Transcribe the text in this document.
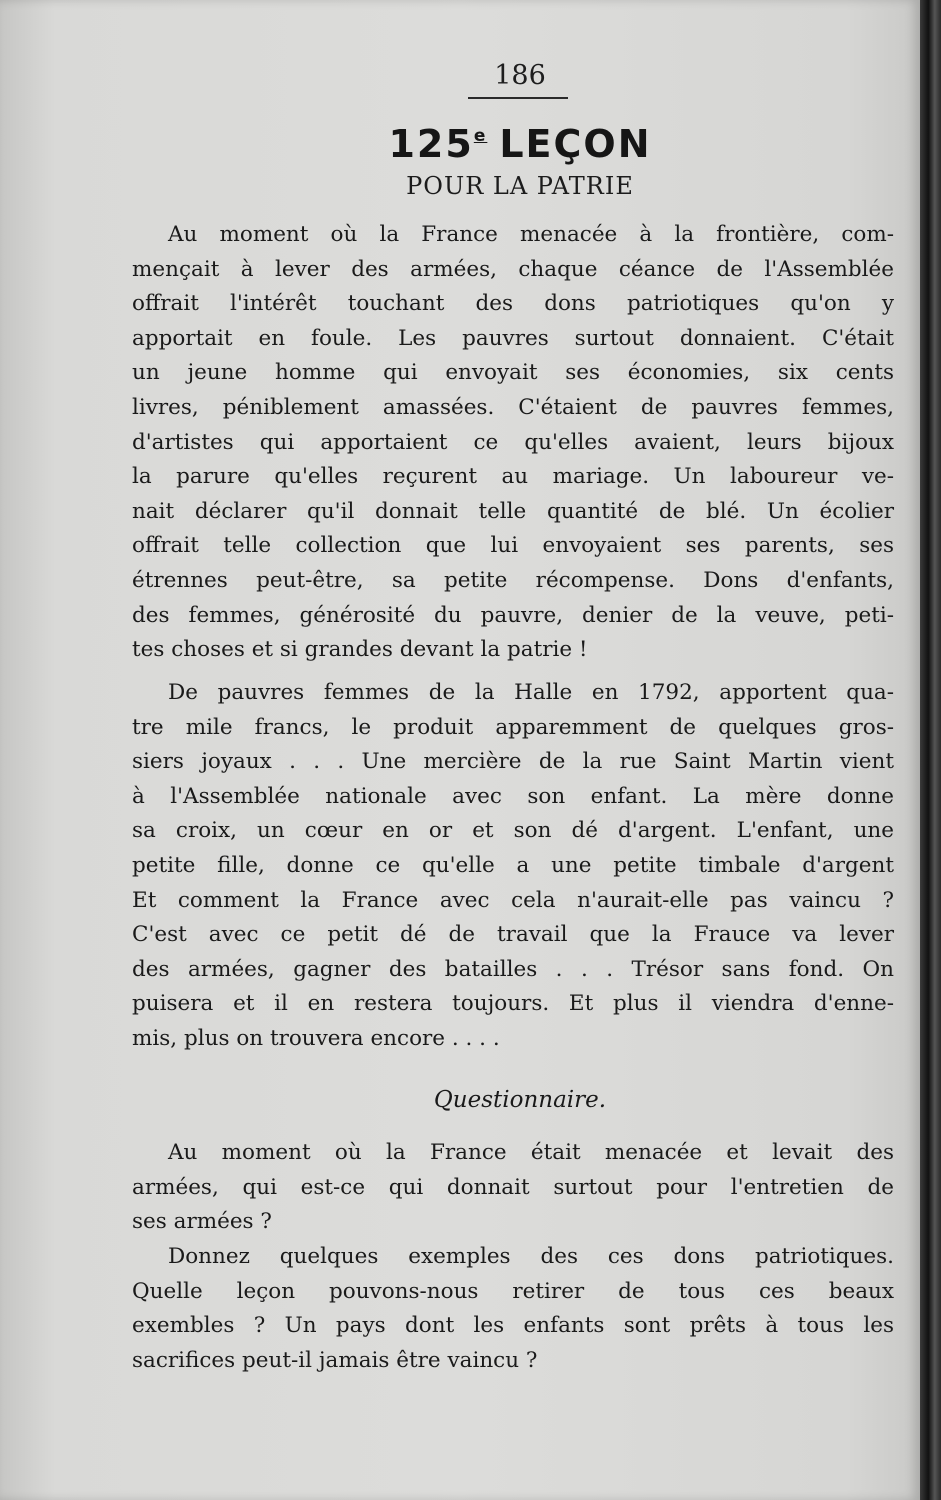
186
125e LEÇON
POUR LA PATRIE
Au moment où la France menacée à la frontière, com-
mençait à lever des armées, chaque céance de l'Assemblée
offrait l'intérêt touchant des dons patriotiques qu'on y
apportait en foule. Les pauvres surtout donnaient. C'était
un jeune homme qui envoyait ses économies, six cents
livres, péniblement amassées. C'étaient de pauvres femmes,
d'artistes qui apportaient ce qu'elles avaient, leurs bijoux
la parure qu'elles reçurent au mariage. Un laboureur ve-
nait déclarer qu'il donnait telle quantité de blé. Un écolier
offrait telle collection que lui envoyaient ses parents, ses
étrennes peut-être, sa petite récompense. Dons d'enfants,
des femmes, générosité du pauvre, denier de la veuve, peti-
tes choses et si grandes devant la patrie !
De pauvres femmes de la Halle en 1792, apportent qua-
tre mile francs, le produit apparemment de quelques gros-
siers joyaux . . . Une mercière de la rue Saint Martin vient
à l'Assemblée nationale avec son enfant. La mère donne
sa croix, un cœur en or et son dé d'argent. L'enfant, une
petite fille, donne ce qu'elle a une petite timbale d'argent
Et comment la France avec cela n'aurait-elle pas vaincu ?
C'est avec ce petit dé de travail que la Frauce va lever
des armées, gagner des batailles . . . Trésor sans fond. On
puisera et il en restera toujours. Et plus il viendra d'enne-
mis, plus on trouvera encore . . . .
Questionnaire.
Au moment où la France était menacée et levait des
armées, qui est-ce qui donnait surtout pour l'entretien de
ses armées ?
Donnez quelques exemples des ces dons patriotiques.
Quelle leçon pouvons-nous retirer de tous ces beaux
exembles ? Un pays dont les enfants sont prêts à tous les
sacrifices peut-il jamais être vaincu ?
